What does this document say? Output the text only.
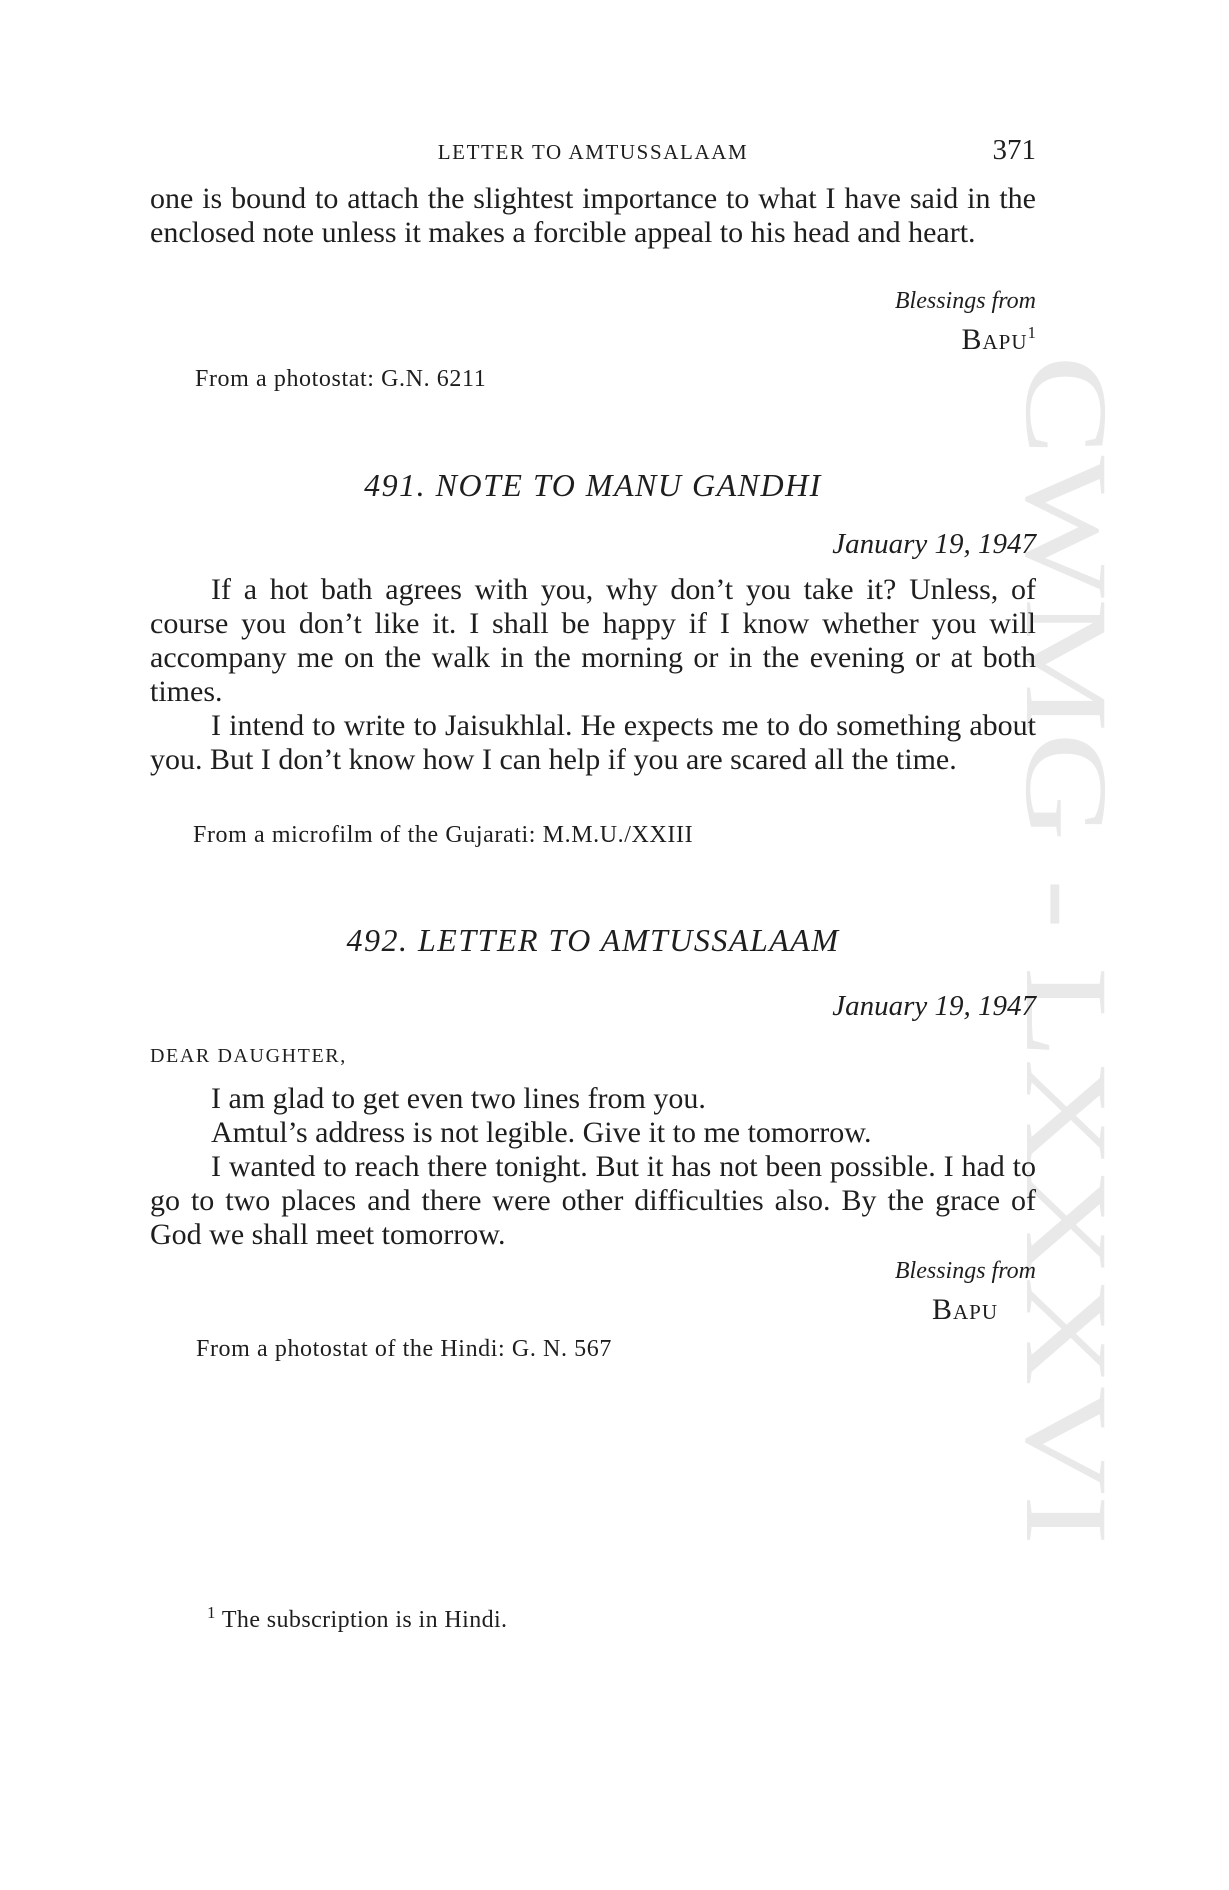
CWMG - LXXXVI
LETTER TO AMTUSSALAAM	371

one is bound to attach the slightest importance to what I have said in the enclosed note unless it makes a forcible appeal to his head and heart.

Blessings from
Bapu$^1$
From a photostat: G.N. 6211
491. NOTE TO MANU GANDHI
January 19, 1947

If a hot bath agrees with you, why don’t you take it? Unless, of course you don’t like it. I shall be happy if I know whether you will accompany me on the walk in the morning or in the evening or at both times.

I intend to write to Jaisukhlal. He expects me to do something about you. But I don’t know how I can help if you are scared all the time.

From a microfilm of the Gujarati: M.M.U./XXIII
492. LETTER TO AMTUSSALAAM
January 19, 1947
DEAR DAUGHTER,

I am glad to get even two lines from you.

Amtul’s address is not legible. Give it to me tomorrow.

I wanted to reach there tonight. But it has not been possible. I had to go to two places and there were other difficulties also. By the grace of God we shall meet tomorrow.

Blessings from
Bapu
From a photostat of the Hindi: G. N. 567
$^1$ The subscription is in Hindi.
